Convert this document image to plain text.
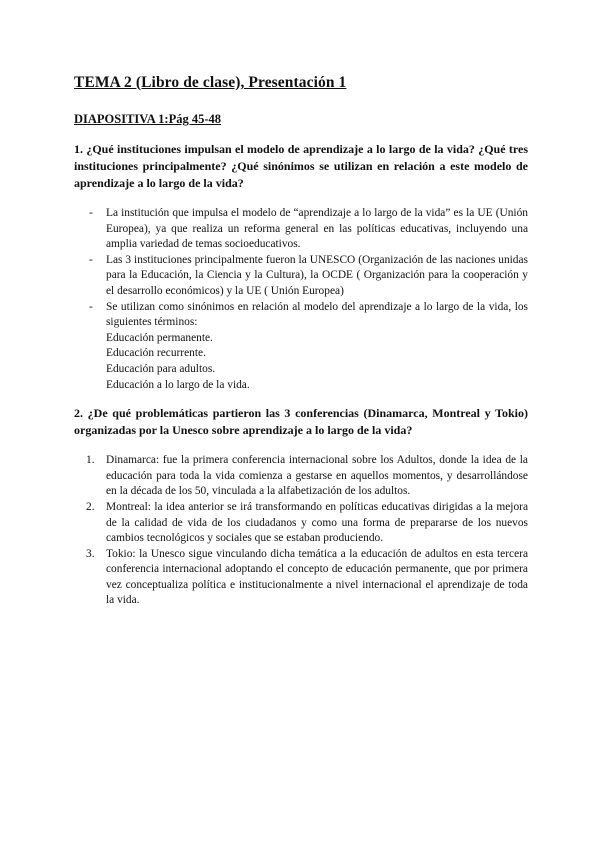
TEMA 2 (Libro de clase), Presentación 1
DIAPOSITIVA 1:Pág 45-48

1. ¿Qué instituciones impulsan el modelo de aprendizaje a lo largo de la vida? ¿Qué tres instituciones principalmente? ¿Qué sinónimos se utilizan en relación a este modelo de aprendizaje a lo largo de la vida?

- La institución que impulsa el modelo de “aprendizaje a lo largo de la vida” es la UE (Unión Europea), ya que realiza un reforma general en las políticas educativas, incluyendo una amplia variedad de temas socioeducativos.
- Las 3 instituciones principalmente fueron la UNESCO (Organización de las naciones unidas para la Educación, la Ciencia y la Cultura), la OCDE ( Organización para la cooperación y el desarrollo económicos) y la UE ( Unión Europea)
- Se utilizan como sinónimos en relación al modelo del aprendizaje a lo largo de la vida, los siguientes términos:
Educación permanente.
Educación recurrente.
Educación para adultos.
Educación a lo largo de la vida.

2. ¿De qué problemáticas partieron las 3 conferencias (Dinamarca, Montreal y Tokio) organizadas por la Unesco sobre aprendizaje a lo largo de la vida?

1. Dinamarca: fue la primera conferencia internacional sobre los Adultos, donde la idea de la educación para toda la vida comienza a gestarse en aquellos momentos, y desarrollándose en la década de los 50, vinculada a la alfabetización de los adultos.
2. Montreal: la idea anterior se irá transformando en políticas educativas dirigidas a la mejora de la calidad de vida de los ciudadanos y como una forma de prepararse de los nuevos cambios tecnológicos y sociales que se estaban produciendo.
3. Tokio: la Unesco sigue vinculando dicha temática a la educación de adultos en esta tercera conferencia internacional adoptando el concepto de educación permanente, que por primera vez conceptualiza política e institucionalmente a nivel internacional el aprendizaje de toda la vida.
